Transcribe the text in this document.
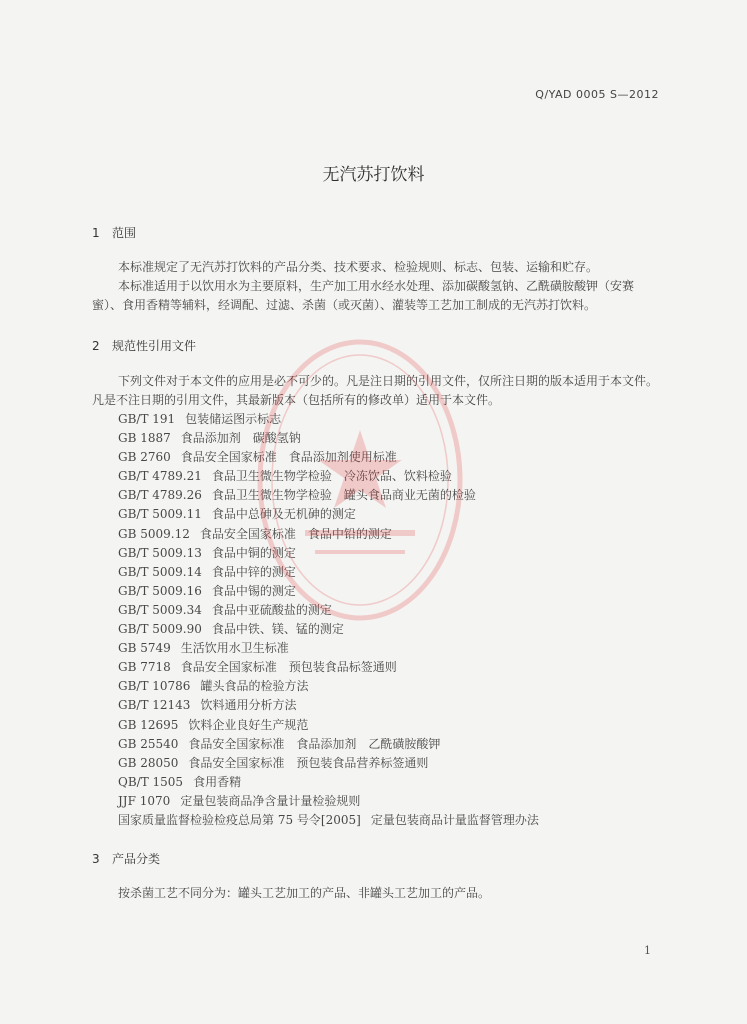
Q/YAD 0005 S—2012
无汽苏打饮料
1 范围
本标准规定了无汽苏打饮料的产品分类、技术要求、检验规则、标志、包装、运输和贮存。
本标准适用于以饮用水为主要原料，生产加工用水经水处理、添加碳酸氢钠、乙酰磺胺酸钾（安赛蜜）、食用香精等辅料，经调配、过滤、杀菌（或灭菌）、灌装等工艺加工制成的无汽苏打饮料。
2 规范性引用文件
下列文件对于本文件的应用是必不可少的。凡是注日期的引用文件，仅所注日期的版本适用于本文件。凡是不注日期的引用文件，其最新版本（包括所有的修改单）适用于本文件。
GB/T 191 包装储运图示标志
GB 1887 食品添加剂　碳酸氢钠
GB 2760 食品安全国家标准　食品添加剂使用标准
GB/T 4789.21 食品卫生微生物学检验　冷冻饮品、饮料检验
GB/T 4789.26 食品卫生微生物学检验　罐头食品商业无菌的检验
GB/T 5009.11 食品中总砷及无机砷的测定
GB 5009.12 食品安全国家标准　食品中铅的测定
GB/T 5009.13 食品中铜的测定
GB/T 5009.14 食品中锌的测定
GB/T 5009.16 食品中锡的测定
GB/T 5009.34 食品中亚硫酸盐的测定
GB/T 5009.90 食品中铁、镁、锰的测定
GB 5749 生活饮用水卫生标准
GB 7718 食品安全国家标准　预包装食品标签通则
GB/T 10786 罐头食品的检验方法
GB/T 12143 饮料通用分析方法
GB 12695 饮料企业良好生产规范
GB 25540 食品安全国家标准　食品添加剂　乙酰磺胺酸钾
GB 28050 食品安全国家标准　预包装食品营养标签通则
QB/T 1505 食用香精
JJF 1070 定量包装商品净含量计量检验规则
国家质量监督检验检疫总局第 75 号令[2005] 定量包装商品计量监督管理办法
3 产品分类
按杀菌工艺不同分为：罐头工艺加工的产品、非罐头工艺加工的产品。
1
